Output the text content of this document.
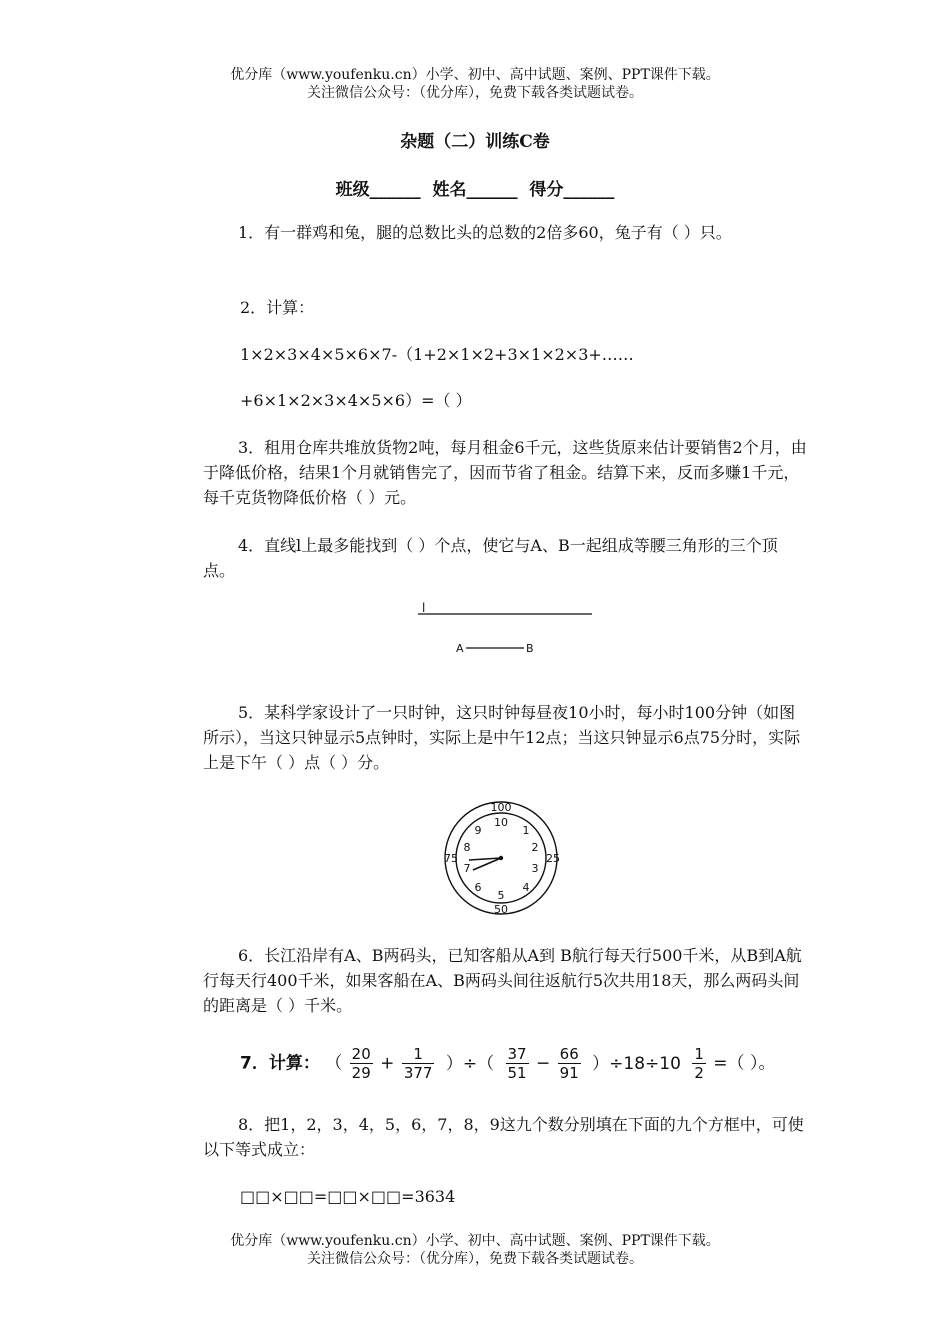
优分库（www.youfenku.cn）小学、初中、高中试题、案例、PPT课件下载。
关注微信公众号：（优分库），免费下载各类试题试卷。
杂题（二）训练C卷
班级______ 姓名______ 得分______
1．有一群鸡和兔，腿的总数比头的总数的2倍多60，兔子有（ ）只。
2．计算：
1×2×3×4×5×6×7-（1+2×1×2+3×1×2×3+……
+6×1×2×3×4×5×6）=（ ）
3．租用仓库共堆放货物2吨，每月租金6千元，这些货原来估计要销售2个月，由于降低价格，结果1个月就销售完了，因而节省了租金。结算下来，反而多赚1千元，每千克货物降低价格（ ）元。
4．直线l上最多能找到（ ）个点，使它与A、B一起组成等腰三角形的三个顶点。
l
A	B
5．某科学家设计了一只时钟，这只时钟每昼夜10小时，每小时100分钟（如图所示），当这只钟显示5点钟时，实际上是中午12点；当这只钟显示6点75分时，实际上是下午（ ）点（ ）分。
100
25
50
75
10
1
2
3
4
5
6
7
8
9
6．长江沿岸有A、B两码头，已知客船从A到 B航行每天行500千米，从B到A航行每天行400千米，如果客船在A、B两码头间往返航行5次共用18天，那么两码头间的距离是（ ）千米。
7．计算： （ $\frac{20}{29} + \frac{1}{377}$ ）÷（ $\frac{37}{51} - \frac{66}{91} )\div 18\div 10 \frac{1}{2}$ =（ ）。
8．把1，2，3，4，5，6，7，8，9这九个数分别填在下面的九个方框中，可使以下等式成立：
□□×□□=□□×□□=3634
优分库（www.youfenku.cn）小学、初中、高中试题、案例、PPT课件下载。
关注微信公众号：（优分库），免费下载各类试题试卷。
